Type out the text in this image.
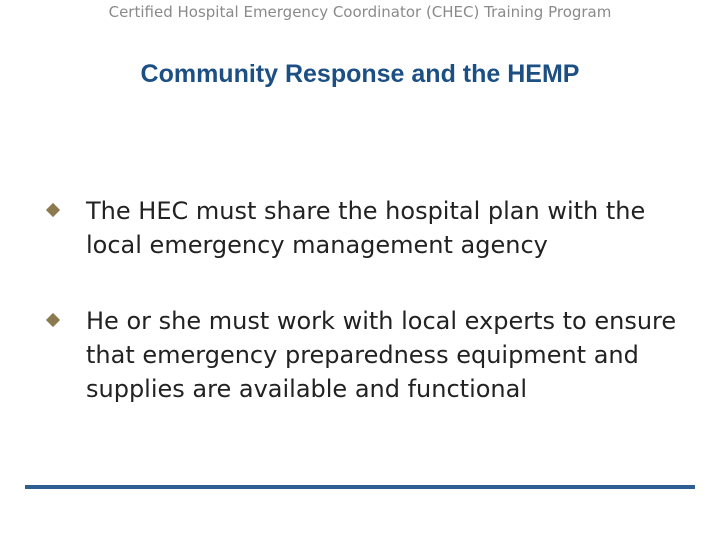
Certified Hospital Emergency Coordinator (CHEC) Training Program
Community Response and the HEMP
The HEC must share the hospital plan with the local emergency management agency
He or she must work with local experts to ensure that emergency preparedness equipment and supplies are available and functional
